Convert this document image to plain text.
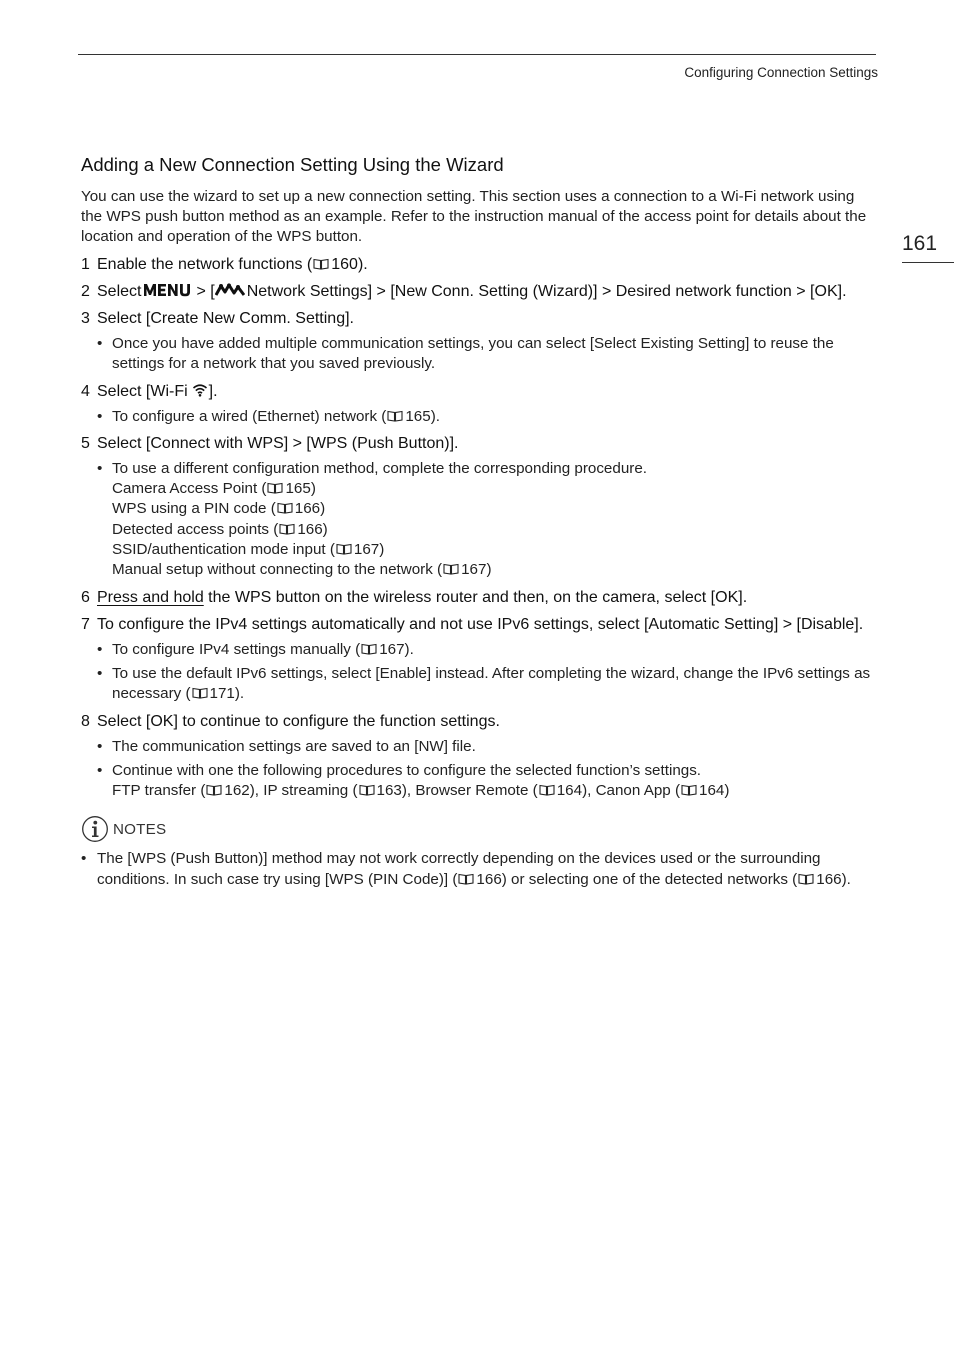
Configuring Connection Settings
161
Adding a New Connection Setting Using the Wizard

You can use the wizard to set up a new connection setting. This section uses a connection to a Wi-Fi network using the WPS push button method as an example. Refer to the instruction manual of the access point for details about the location and operation of the WPS button.

1 Enable the network functions ( 160).
2 Select	> [ Network Settings] > [New Conn. Setting (Wizard)] > Desired network function > [OK].
3 Select [Create New Comm. Setting].
• Once you have added multiple communication settings, you can select [Select Existing Setting] to reuse the settings for a network that you saved previously.
4 Select [Wi-Fi ].
• To configure a wired (Ethernet) network ( 165).
5 Select [Connect with WPS] > [WPS (Push Button)].
• To use a different configuration method, complete the corresponding procedure.
Camera Access Point ( 165)
WPS using a PIN code ( 166)
Detected access points ( 166)
SSID/authentication mode input ( 167)
Manual setup without connecting to the network ( 167)
6 Press and hold the WPS button on the wireless router and then, on the camera, select [OK].
7 To configure the IPv4 settings automatically and not use IPv6 settings, select [Automatic Setting] > [Disable].
• To configure IPv4 settings manually ( 167).
• To use the default IPv6 settings, select [Enable] instead. After completing the wizard, change the IPv6 settings as necessary ( 171).
8 Select [OK] to continue to configure the function settings.
• The communication settings are saved to an [NW] file.
• Continue with one the following procedures to configure the selected function’s settings.
FTP transfer ( 162), IP streaming ( 163), Browser Remote ( 164), Canon App ( 164)
NOTES
• The [WPS (Push Button)] method may not work correctly depending on the devices used or the surrounding conditions. In such case try using [WPS (PIN Code)] ( 166) or selecting one of the detected networks ( 166).
